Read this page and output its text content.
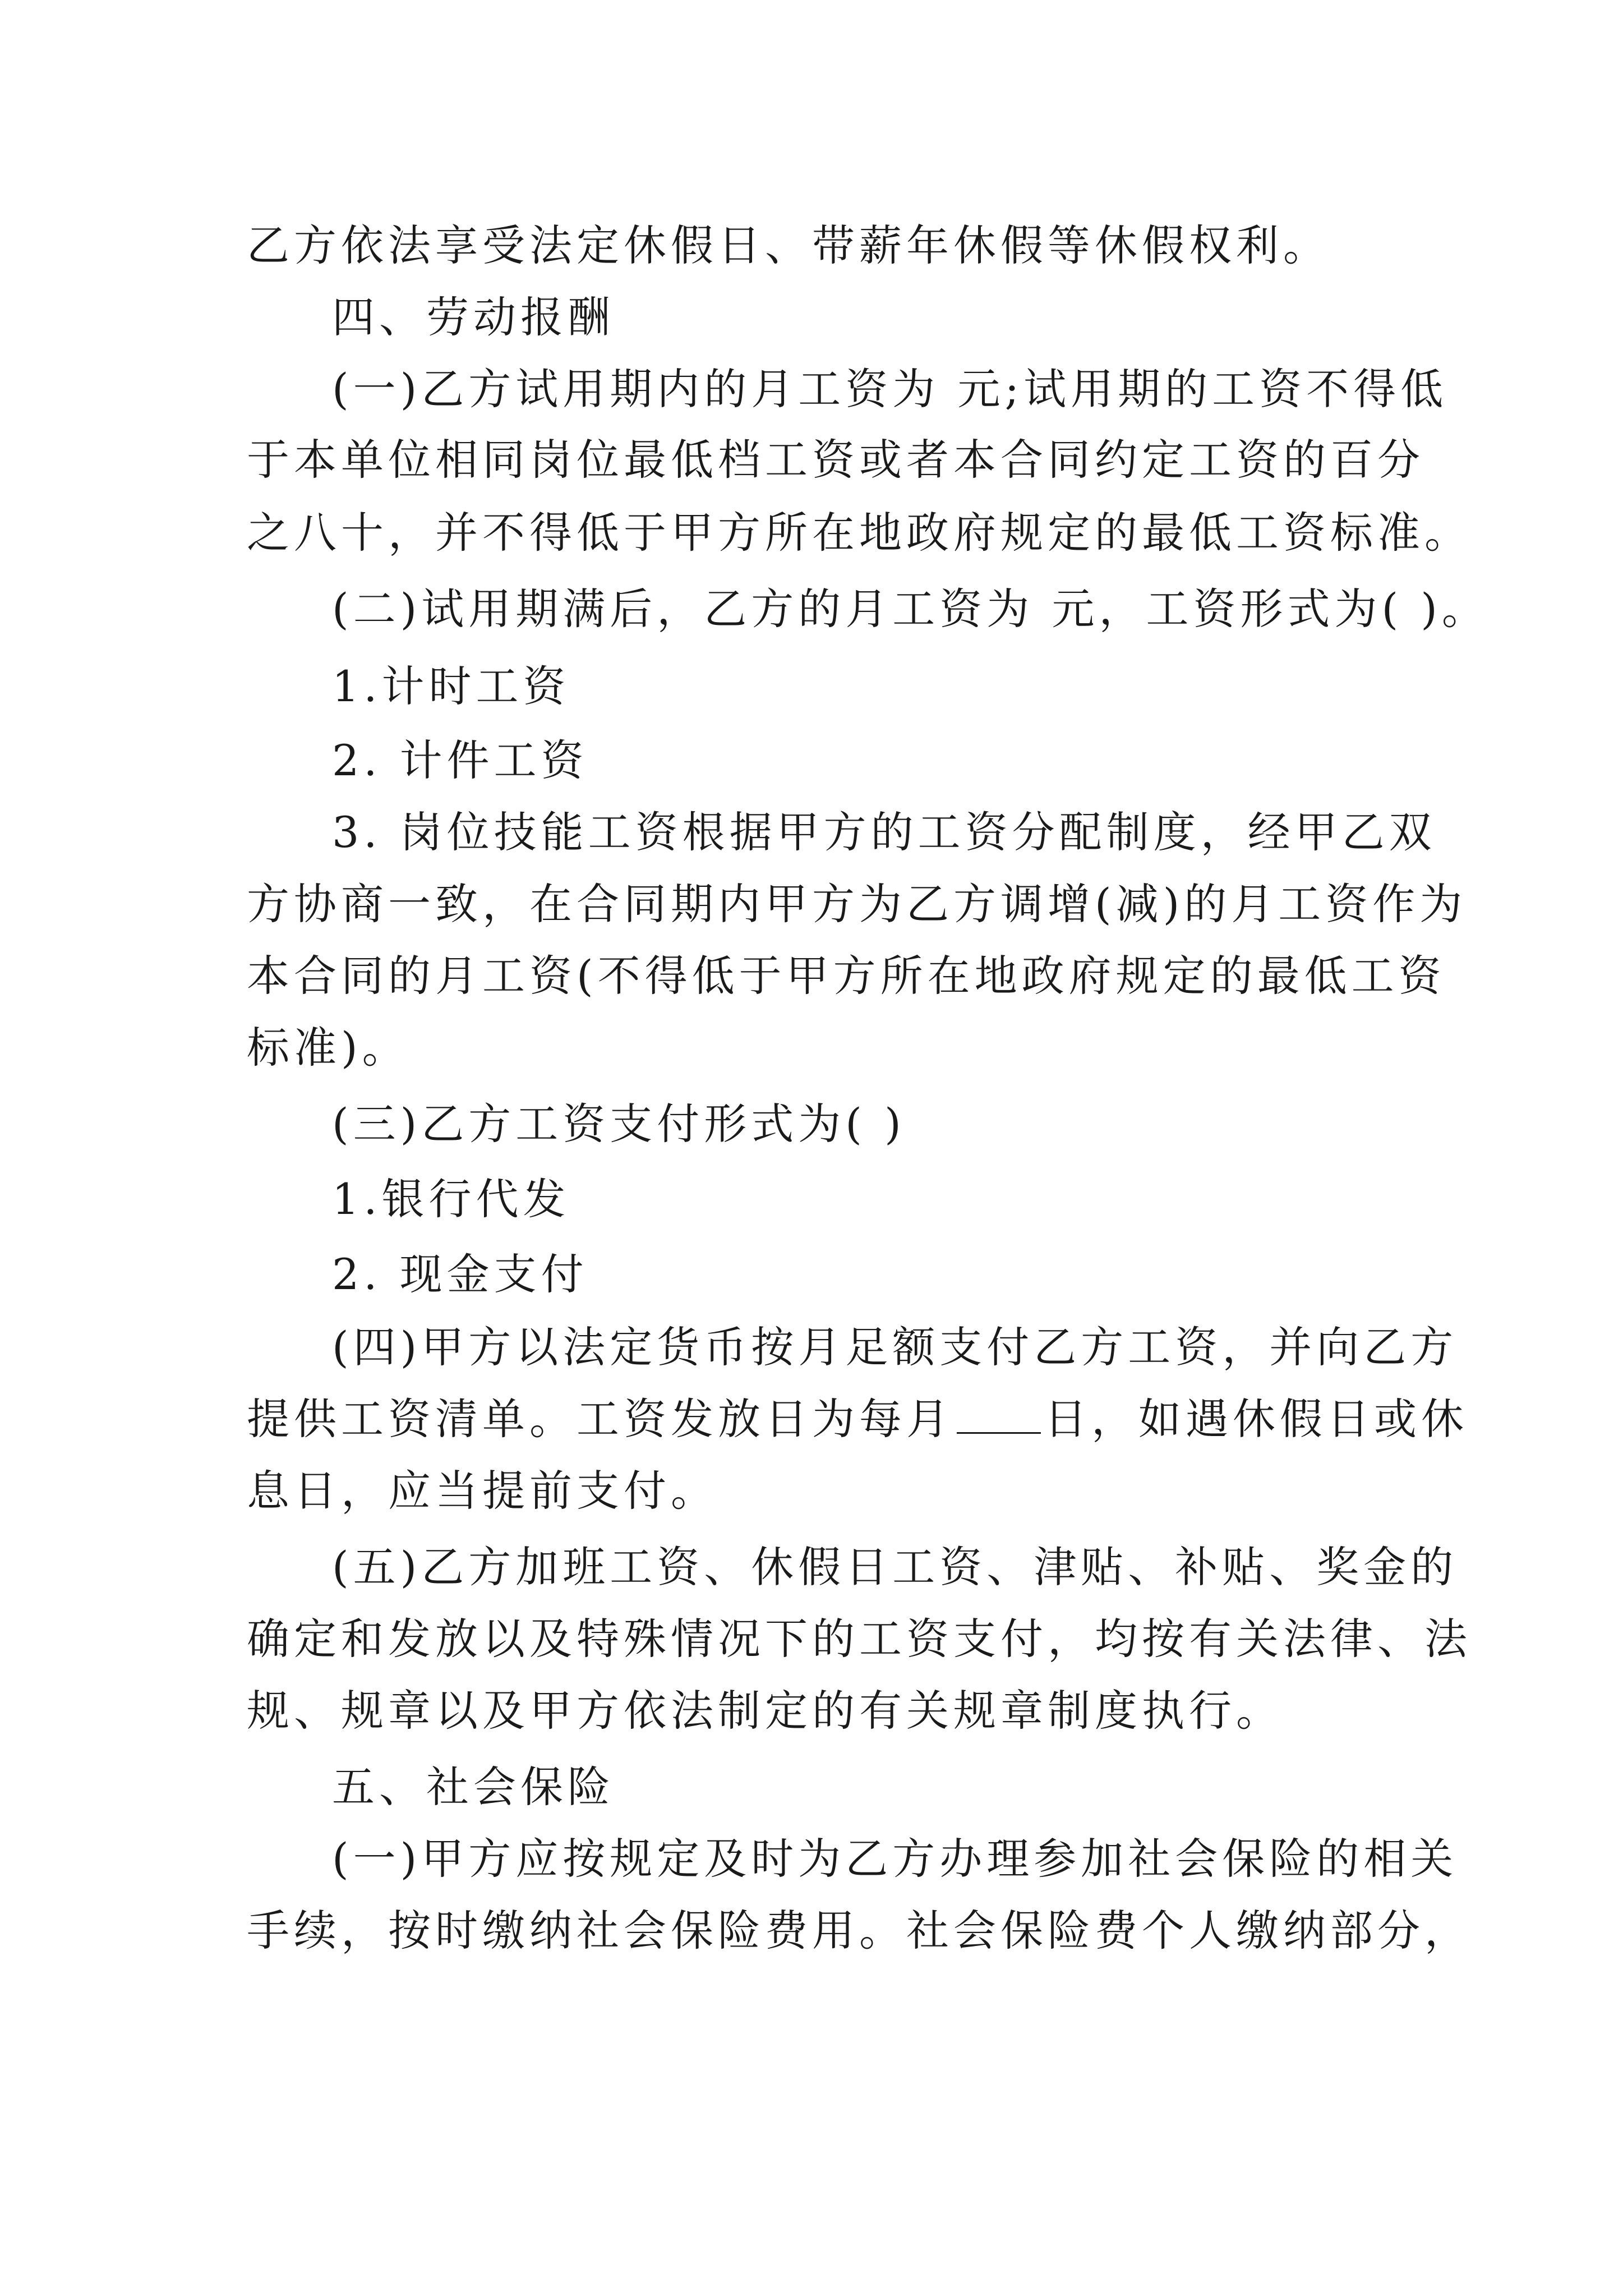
乙方依法享受法定休假日、带薪年休假等休假权利。
四、劳动报酬
(一)乙方试用期内的月工资为 元;试用期的工资不得低
于本单位相同岗位最低档工资或者本合同约定工资的百分
之八十，并不得低于甲方所在地政府规定的最低工资标准。
(二)试用期满后，乙方的月工资为 元，工资形式为( )。
1.计时工资
2. 计件工资
3. 岗位技能工资根据甲方的工资分配制度，经甲乙双
方协商一致，在合同期内甲方为乙方调增(减)的月工资作为
本合同的月工资(不得低于甲方所在地政府规定的最低工资
标准)。
(三)乙方工资支付形式为( )
1.银行代发
2. 现金支付
(四)甲方以法定货币按月足额支付乙方工资，并向乙方
提供工资清单。工资发放日为每月 日，如遇休假日或休
息日，应当提前支付。
(五)乙方加班工资、休假日工资、津贴、补贴、奖金的
确定和发放以及特殊情况下的工资支付，均按有关法律、法
规、规章以及甲方依法制定的有关规章制度执行。
五、社会保险
(一)甲方应按规定及时为乙方办理参加社会保险的相关
手续，按时缴纳社会保险费用。社会保险费个人缴纳部分，
